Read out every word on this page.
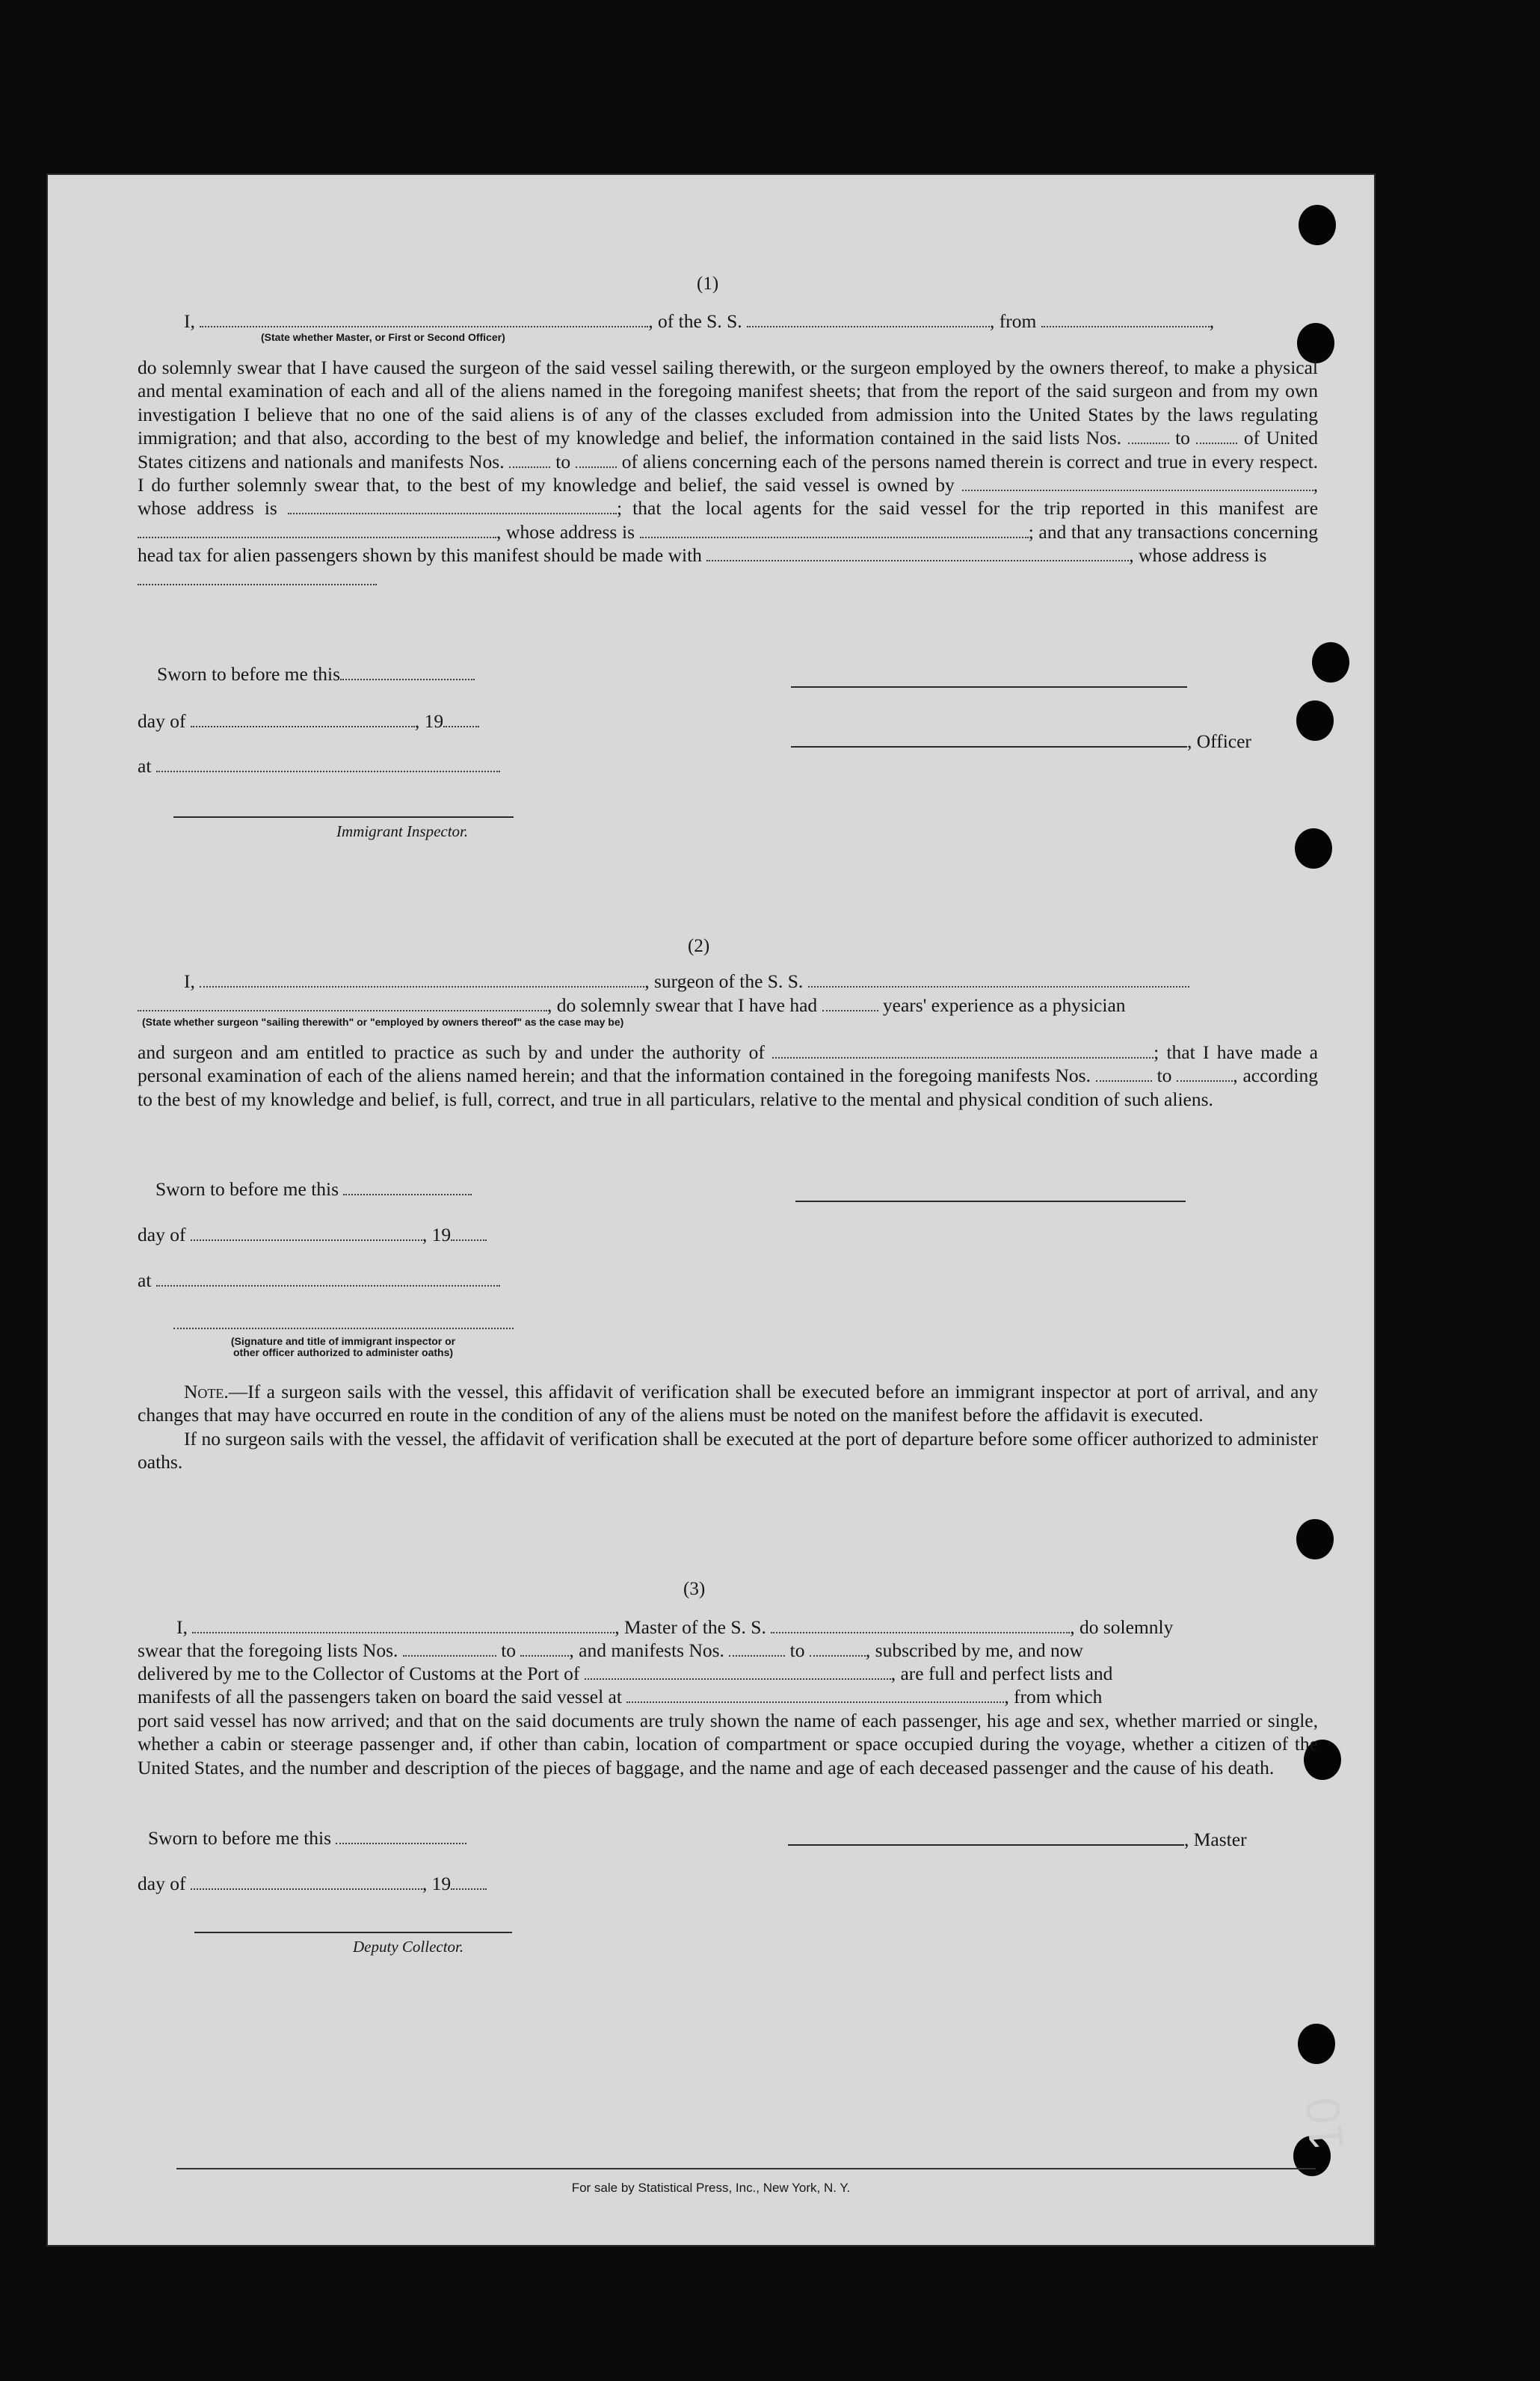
(1)
I,	, of the S. S.	, from	,
(State whether Master, or First or Second Officer)

do solemnly swear that I have caused the surgeon of the said vessel sailing therewith, or the surgeon employed by the owners thereof, to make a physical and mental examination of each and all of the aliens named in the foregoing manifest sheets; that from the report of the said surgeon and from my own investigation I believe that no one of the said aliens is of any of the classes excluded from admission into the United States by the laws regulating immigration; and that also, according to the best of my knowledge and belief, the information contained in the said lists Nos.	to	of United States citizens and nationals and manifests Nos.	to	of aliens concerning each of the persons named therein is correct and true in every respect. I do further solemnly swear that, to the best of my knowledge and belief, the said vessel is owned by	, whose address is	; that the local agents for the said vessel for the trip reported in this manifest are , whose address is	; and that any transactions concerning head tax for alien passengers shown by this manifest should be made with	, whose address is

Sworn to before me this
day of	, 19
, Officer
at
Immigrant Inspector.
(2)
I,	, surgeon of the S. S.
, do solemnly swear that I have had	years' experience as a physician
(State whether surgeon "sailing therewith" or "employed by owners thereof" as the case may be)

and surgeon and am entitled to practice as such by and under the authority of	; that I have made a personal examination of each of the aliens named herein; and that the information contained in the foregoing manifests Nos.	to	, according to the best of my knowledge and belief, is full, correct, and true in all particulars, relative to the mental and physical condition of such aliens.

Sworn to before me this
day of	, 19
at
(Signature and title of immigrant inspector or
other officer authorized to administer oaths)

Note.—If a surgeon sails with the vessel, this affidavit of verification shall be executed before an immigrant inspector at port of arrival, and any changes that may have occurred en route in the condition of any of the aliens must be noted on the manifest before the affidavit is executed.

If no surgeon sails with the vessel, the affidavit of verification shall be executed at the port of departure before some officer authorized to administer oaths.

(3)
I,	, Master of the S. S.	, do solemnly
swear that the foregoing lists Nos.	to	, and manifests Nos.	to	, subscribed by me, and now
delivered by me to the Collector of Customs at the Port of	, are full and perfect lists and
manifests of all the passengers taken on board the said vessel at	, from which

port said vessel has now arrived; and that on the said documents are truly shown the name of each passenger, his age and sex, whether married or single, whether a cabin or steerage passenger and, if other than cabin, location of compartment or space occupied during the voyage, whether a citizen of the United States, and the number and description of the pieces of baggage, and the name and age of each deceased passenger and the cause of his death.

Sworn to before me this	, Master
day of	, 19
Deputy Collector.
For sale by Statistical Press, Inc., New York, N. Y.
10
